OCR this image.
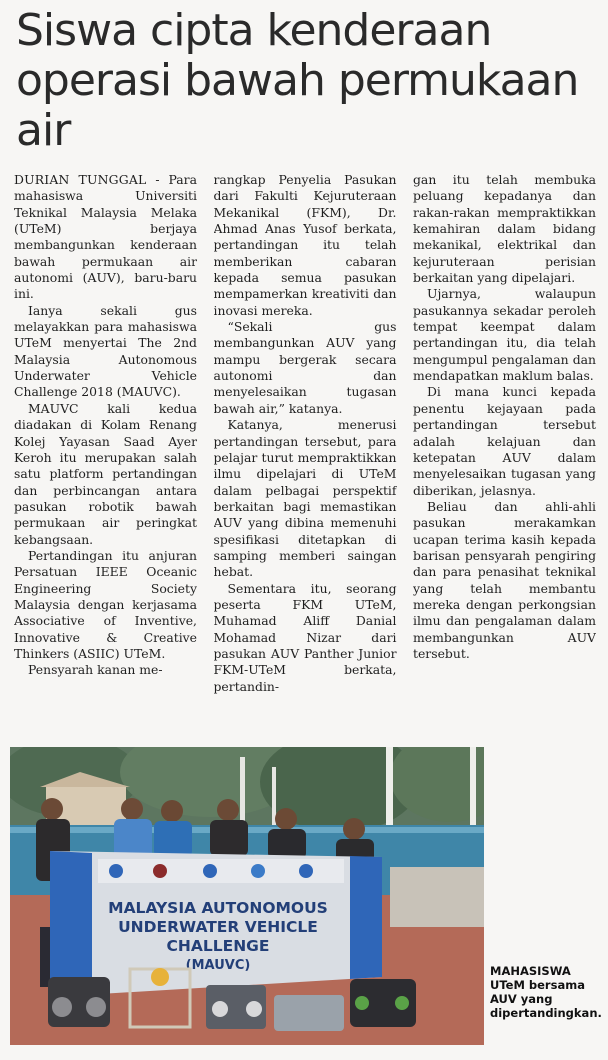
Siswa cipta kenderaan operasi bawah permukaan air

DURIAN TUNGGAL - Para mahasiswa Universiti Teknikal Malaysia Melaka (UTeM) berjaya membangunkan kenderaan bawah permukaan air autonomi (AUV), baru-baru ini.

Ianya sekali gus melayakkan para mahasiswa UTeM menyertai The 2nd Malaysia Autonomous Underwater Vehicle Challenge 2018 (MAUVC).

MAUVC kali kedua diadakan di Kolam Renang Kolej Yayasan Saad Ayer Keroh itu merupakan salah satu platform pertandingan dan perbincangan antara pasukan robotik bawah permukaan air peringkat kebangsaan.

Pertandingan itu anjuran Persatuan IEEE Oceanic Engineering Society Malaysia dengan kerjasama Associative of Inventive, Innovative & Creative Thinkers (ASIIC) UTeM.

Pensyarah kanan me-

rangkap Penyelia Pasukan dari Fakulti Kejuruteraan Mekanikal (FKM), Dr. Ahmad Anas Yusof berkata, pertandingan itu telah memberikan cabaran kepada semua pasukan mempamerkan kreativiti dan inovasi mereka.

“Sekali gus membangunkan AUV yang mampu bergerak secara autonomi dan menyelesaikan tugasan bawah air,” katanya.

Katanya, menerusi pertandingan tersebut, para pelajar turut mempraktikkan ilmu dipelajari di UTeM dalam pelbagai perspektif berkaitan bagi memastikan AUV yang dibina memenuhi spesifikasi ditetapkan di samping memberi saingan hebat.

Sementara itu, seorang peserta FKM UTeM, Muhamad Aliff Danial Mohamad Nizar dari pasukan AUV Panther Junior FKM-UTeM berkata, pertandin-

gan itu telah membuka peluang kepadanya dan rakan-rakan mempraktikkan kemahiran dalam bidang mekanikal, elektrikal dan kejuruteraan perisian berkaitan yang dipelajari.

Ujarnya, walaupun pasukannya sekadar peroleh tempat keempat dalam pertandingan itu, dia telah mengumpul pengalaman dan mendapatkan maklum balas.

Di mana kunci kepada penentu kejayaan pada pertandingan tersebut adalah kelajuan dan ketepatan AUV dalam menyelesaikan tugasan yang diberikan, jelasnya.

Beliau dan ahli-ahli pasukan merakamkan ucapan terima kasih kepada barisan pensyarah pengiring dan para penasihat teknikal yang telah membantu mereka dengan perkongsian ilmu dan pengalaman dalam membangunkan AUV tersebut.

MALAYSIA AUTONOMOUS
UNDERWATER VEHICLE
CHALLENGE
(MAUVC)	MAHASISWA UTeM bersama AUV yang dipertandingkan.
